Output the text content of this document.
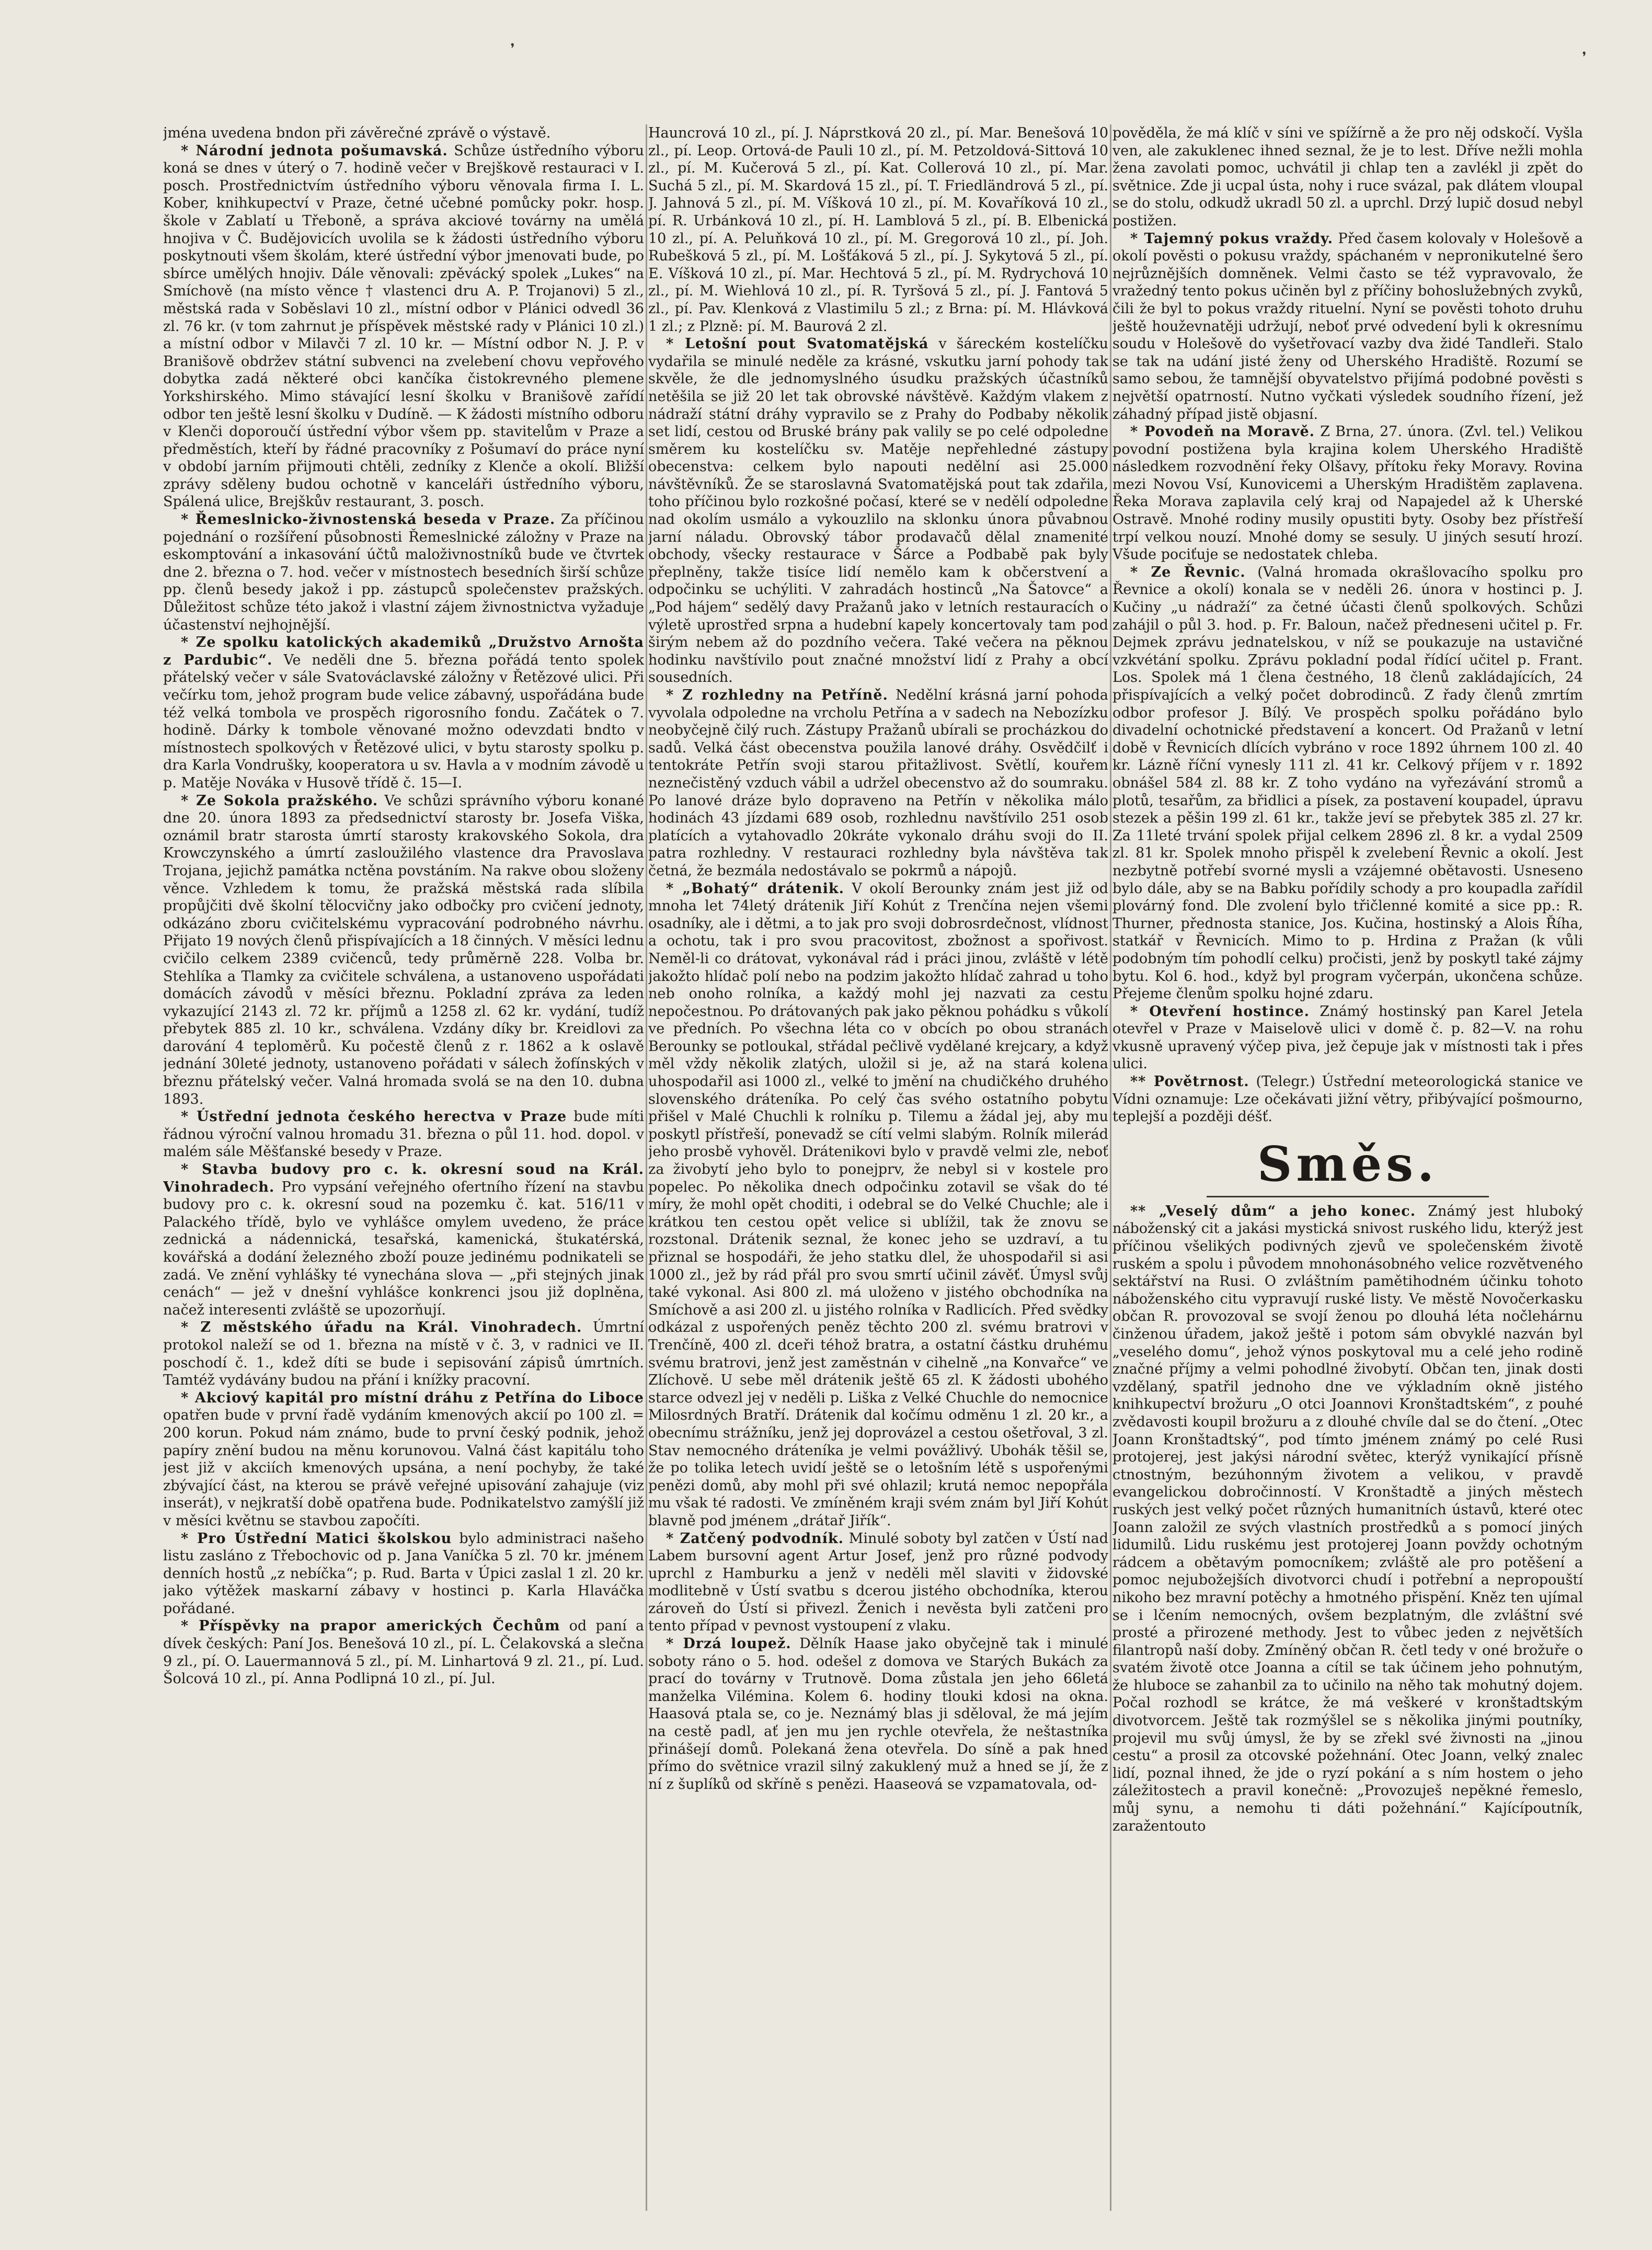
᾽	᾿

jména uvedena bndon při závěrečné zprávě o výstavě.

* Národní jednota pošumavská. Schůze ústředního výboru koná se dnes v úterý o 7. hodině večer v Brejškově restauraci v I. posch. Prostřednictvím ústředního výboru věnovala firma I. L. Kober, knihkupectví v Praze, četné učebné pomůcky pokr. hosp. škole v Zablatí u Třeboně, a správa akciové továrny na umělá hnojiva v Č. Budějovicích uvolila se k žádosti ústředního výboru poskytnouti všem školám, které ústřední výbor jmenovati bude, po sbírce umělých hnojiv. Dále věnovali: zpěvácký spolek „Lukes“ na Smíchově (na místo věnce † vlastenci dru A. P. Trojanovi) 5 zl., městská rada v Soběslavi 10 zl., místní odbor v Plánici odvedl 36 zl. 76 kr. (v tom zahrnut je příspěvek městské rady v Plánici 10 zl.) a místní odbor v Milavči 7 zl. 10 kr. — Místní odbor N. J. P. v Branišově obdržev státní subvenci na zvelebení chovu vepřového dobytka zadá některé obci kančíka čistokrevného plemene Yorkshirského. Mimo stávající lesní školku v Branišově zařídí odbor ten ještě lesní školku v Dudíně. — K žádosti místního odboru v Klenči doporoučí ústřední výbor všem pp. stavitelům v Praze a předměstích, kteří by řádné pracovníky z Pošumaví do práce nyní v období jarním přijmouti chtěli, zedníky z Klenče a okolí. Bližší zprávy sděleny budou ochotně v kanceláři ústředního výboru, Spálená ulice, Brejškův restaurant, 3. posch.

* Řemeslnicko-živnostenská beseda v Praze. Za příčinou pojednání o rozšíření působnosti Řemeslnické záložny v Praze na eskomptování a inkasování účtů malоživnostníků bude ve čtvrtek dne 2. března o 7. hod. večer v místnostech besedních širší schůze pp. členů besedy jakož i pp. zástupců společenstev pražských. Důležitost schůze této jakož i vlastní zájem živnostnictva vyžaduje účastenství nejhojnější.

* Ze spolku katolických akademiků „Družstvo Arnošta z Pardubic“. Ve neděli dne 5. března pořádá tento spolek přátelský večer v sále Svatováclavské záložny v Řetězové ulici. Při večírku tom, jehož program bude velice zábavný, uspořádána bude též velká tombola ve prospěch rigorosního fondu. Začátek o 7. hodině. Dárky k tombole věnované možno odevzdati bndto v místnostech spolkových v Řetězové ulici, v bytu starosty spolku p. dra Karla Vondrušky, kooperatora u sv. Havla a v modním závodě u p. Matěje Nováka v Husově třídě č. 15—I.

* Ze Sokola pražského. Ve schůzi správního výboru konané dne 20. února 1893 za předsednictví starosty br. Josefa Viška, oznámil bratr starosta úmrtí starosty krakovského Sokola, dra Krowczynského a úmrtí zasloužilého vlastence dra Pravoslava Trojana, jejichž památka nctěna povstáním. Na rakve obou složeny věnce. Vzhledem k tomu, že pražská městská rada slíbila propůjčiti dvě školní tělocvičny jako odbočky pro cvičení jednoty, odkázáno zboru cvičitelskému vypracování podrobného návrhu. Přijato 19 nových členů přispívajících a 18 činných. V měsíci lednu cvičilo celkem 2389 cvičenců, tedy průměrně 228. Volba br. Stehlíka a Tlamky za cvičitele schválena, a ustanoveno uspořádati domácích závodů v měsíci březnu. Pokladní zpráva za leden vykazující 2143 zl. 72 kr. příjmů a 1258 zl. 62 kr. vydání, tudíž přebytek 885 zl. 10 kr., schválena. Vzdány díky br. Kreidlovi za darování 4 teploměrů. Ku počestě členů z r. 1862 a k oslavě jednání 30leté jednoty, ustanoveno pořádati v sálech žofínských v březnu přátelský večer. Valná hromada svolá se na den 10. dubna 1893.

* Ústřední jednota českého herectva v Praze bude míti řádnou výroční valnou hromadu 31. března o půl 11. hod. dopol. v malém sále Měšťanské besedy v Praze.

* Stavba budovy pro c. k. okresní soud na Král. Vinohradech. Pro vypsání veřejného ofertního řízení na stavbu budovy pro c. k. okresní soud na pozemku č. kat. 516/11 v Palackého třídě, bylo ve vyhlášce omylem uvedeno, že práce zednická a nádennická, tesařská, kamenická, štukatérská, kovářská a dodání železného zboží pouze jedinému podnikateli se zadá. Ve znění vyhlášky té vynechána slova — „při stejných jinak cenách“ — jež v dnešní vyhlášce konkrenci jsou již doplněna, načež interesenti zvláště se upozorňují.

* Z městského úřadu na Král. Vinohradech. Úmrtní protokol naleží se od 1. března na místě v č. 3, v radnici ve II. poschodí č. 1., kdež díti se bude i sepisování zápisů úmrtních. Tamtéž vydávány budou na přání i knížky pracovní.

* Akciový kapitál pro místní dráhu z Petřína do Liboce opatřen bude v první řadě vydáním kmenových akcií po 100 zl. = 200 korun. Pokud nám známo, bude to první český podnik, jehož papíry znění budou na měnu korunovou. Valná část kapitálu toho jest již v akciích kmenových upsána, a není pochyby, že také zbývající část, na kterou se právě veřejné upisování zahajuje (viz inserát), v nejkratší době opatřena bude. Podnikatelstvo zamýšlí již v měsíci květnu se stavbou započíti.

* Pro Ústřední Matici školskou bylo administraci našeho listu zasláno z Třebochovic od p. Jana Vaníčka 5 zl. 70 kr. jménem denních hostů „z nebíčka“; p. Rud. Barta v Úpici zaslal 1 zl. 20 kr. jako výtěžek maskarní zábavy v hostinci p. Karla Hlaváčka pořádané.

* Příspěvky na prapor amerických Čechům od paní a dívek českých: Paní Jos. Benešová 10 zl., pí. L. Čelakovská a slečna 9 zl., pí. O. Lauermannová 5 zl., pí. M. Linhartová 9 zl. 21., pí. Lud. Šolcová 10 zl., pí. Anna Podlipná 10 zl., pí. Jul.

Hauncrová 10 zl., pí. J. Náprstková 20 zl., pí. Mar. Benešová 10 zl., pí. Leop. Ortová-de Pauli 10 zl., pí. M. Petzoldová-Sittová 10 zl., pí. M. Kučerová 5 zl., pí. Kat. Collerová 10 zl., pí. Mar. Suchá 5 zl., pí. M. Skardová 15 zl., pí. T. Friedländrová 5 zl., pí. J. Jahnová 5 zl., pí. M. Víšková 10 zl., pí. M. Kovaříková 10 zl., pí. R. Urbánková 10 zl., pí. H. Lamblová 5 zl., pí. B. Elbenická 10 zl., pí. A. Peluňková 10 zl., pí. M. Gregorová 10 zl., pí. Joh. Rubešková 5 zl., pí. M. Lošťáková 5 zl., pí. J. Sykytová 5 zl., pí. E. Víšková 10 zl., pí. Mar. Hechtová 5 zl., pí. M. Rydrychová 10 zl., pí. M. Wiehlová 10 zl., pí. R. Tyršová 5 zl., pí. J. Fantová 5 zl., pí. Pav. Klenková z Vlastimilu 5 zl.; z Brna: pí. M. Hlávková 1 zl.; z Plzně: pí. M. Baurová 2 zl.

* Letošní pout Svatomatějská v šáreckém kostelíčku vydařila se minulé neděle za krásné, vskutku jarní pohody tak skvěle, že dle jednomyslného úsudku pražských účastníků netěšila se již 20 let tak obrovské návštěvě. Každým vlakem z nádraží státní dráhy vypravilo se z Prahy do Podbaby několik set lidí, cestou od Bruské brány pak valily se po celé odpoledne směrem ku kostelíčku sv. Matěje nepřehledné zástupy obecenstva: celkem bylo napouti nedělní asi 25.000 návštěvníků. Že se staroslavná Svatomatějská pout tak zdařila, toho příčinou bylo rozkošné počasí, které se v nedělí odpoledne nad okolím usmálo a vykouzlilo na sklonku února půvabnou jarní náladu. Obrovský tábor prodavačů dělal znamenité obchody, všecky restaurace v Šárce a Podbabě pak byly přeplněny, takže tisíce lidí nemělo kam k občerstvení a odpočinku se uchýliti. V zahradách hostinců „Na Šatovce“ a „Pod hájem“ sedělý davy Pražanů jako v letních restauracích o výletě uprostřed srpna a hudební kapely koncertovaly tam pod širým nebem až do pozdního večera. Také večera na pěknou hodinku navštívilo pout značné množství lidí z Prahy a obcí sousedních.

* Z rozhledny na Petříně. Nedělní krásná jarní pohoda vyvolala odpoledne na vrcholu Petřína a v sadech na Nebozízku neobyčejně čilý ruch. Zástupy Pražanů ubírali se procházkou do sadů. Velká část obecenstva použila lanové dráhy. Osvědčilť i tentokráte Petřín svoji starou přitažlivost. Světlí, kouřem neznečistěný vzduch vábil a udržel obecenstvo až do soumraku. Po lanové dráze bylo dopraveno na Petřín v několika málo hodinách 43 jízdami 689 osob, rozhlednu navštívilo 251 osob platících a vytahovadlo 20kráte vykonalo dráhu svoji do II. patra rozhledny. V restauraci rozhledny byla návštěva tak četná, že bezmála nedostávalo se pokrmů a nápojů.

* „Bohatý“ drátenik. V okolí Berounky znám jest již od mnoha let 74letý drátenik Jiří Kohút z Trenčína nejen všemi osadníky, ale i dětmi, a to jak pro svoji dobrosrdečnost, vlídnost a ochotu, tak i pro svou pracovitost, zbožnost a spořivost. Neměl-li co drátovat, vykonával rád i práci jinou, zvláště v létě jakožto hlídač polí nebo na podzim jakožto hlídač zahrad u toho neb onoho rolníka, a každý mohl jej nazvati za cestu nepočestnou. Po drátovaných pak jako pěknou pohádku s vůkolí ve předních. Po všechna léta co v obcích po obou stranách Berounky se potloukal, střádal pečlivě vydělané krejcary, a když měl vždy několik zlatých, uložil si je, až na stará kolena uhospodařil asi 1000 zl., velké to jmění na chudičkého druhého slovenského dráteníka. Po celý čas svého ostatního pobytu přišel v Malé Chuchli k rolníku p. Tilemu a žádal jej, aby mu poskytl přístřeší, ponevadž se cítí velmi slabým. Rolník milerád jeho prosbě vyhověl. Drátenikovi bylo v pravdě velmi zle, neboť za živobytí jeho bylo to ponejprv, že nebyl si v kostele pro popelec. Po několika dnech odpočinku zotavil se však do té míry, že mohl opět choditi, i odebral se do Velké Chuchle; ale i krátkou ten cestou opět velice si ublížil, tak že znovu se rozstonal. Drátenik seznal, že konec jeho se uzdraví, a tu přiznal se hospodáři, že jeho statku dlel, že uhospodařil si asi 1000 zl., jež by rád přál pro svou smrtí učinil závěť. Úmysl svůj také vykonal. Asi 800 zl. má uloženo v jistého obchodníka na Smíchově a asi 200 zl. u jistého rolníka v Radlicích. Před svědky odkázal z uspořených peněz těchto 200 zl. svému bratrovi v Trenčíně, 400 zl. dceři téhož bratra, a ostatní částku druhému svému bratrovi, jenž jest zaměstnán v cihelně „na Konvařce“ ve Zlíchově. U sebe měl drátenik ještě 65 zl. K žádosti ubohého starce odvezl jej v neděli p. Liška z Velké Chuchle do nemocnice Milosrdných Bratří. Drátenik dal kočímu odměnu 1 zl. 20 kr., a obecnímu strážníku, jenž jej doprovázel a cestou ošetřoval, 3 zl. Stav nemocného dráteníka je velmi povážlivý. Ubohák těšil se, že po tolika letech uvidí ještě se o letošním létě s uspořenými penězi domů, aby mohl při své ohlazil; krutá nemoc nepopřála mu však té radosti. Ve zmíněném kraji svém znám byl Jiří Kohút blavně pod jménem „drátař Jiřík“.

* Zatčený podvodník. Minulé soboty byl zatčen v Ústí nad Labem bursovní agent Artur Josef, jenž pro různé podvody uprchl z Hamburku a jenž v neděli měl slaviti v židovské modlitebně v Ústí svatbu s dcerou jistého obchodníka, kterou zároveň do Ústí si přivezl. Ženich i nevěsta byli zatčeni pro tento případ v pevnost vystoupení z vlaku.

* Drzá loupež. Dělník Haase jako obyčejně tak i minulé soboty ráno o 5. hod. odešel z domova ve Starých Bukách za prací do továrny v Trutnově. Doma zůstala jen jeho 66letá manželka Vilémina. Kolem 6. hodiny tlouki kdosi na okna. Haasová ptala se, co je. Neznámý blas ji sděloval, že má jejím na cestě padl, ať jen mu jen rychle otevřela, že neštastníka přinášejí domů. Polekaná žena otevřela. Do síně a pak hned přímo do světnice vrazil silný zakuklený muž a hned se jí, že z ní z šuplíků od skříně s penězi. Haaseová se vzpamatovala, od-

pověděla, že má klíč v síni ve spížírně a že pro něj odskočí. Vyšla ven, ale zakuklenec ihned seznal, že je to lest. Dříve nežli mohla žena zavolati pomoc, uchvátil ji chlap ten a zavlékl ji zpět do světnice. Zde ji ucpal ústa, nohy i ruce svázal, pak dlátem vloupal se do stolu, odkudž ukradl 50 zl. a uprchl. Drzý lupič dosud nebyl postižen.

* Tajemný pokus vraždy. Před časem kolovaly v Holešově a okolí pověsti o pokusu vraždy, spáchaném v nepronikutelné šero nejrůznějších domněnek. Velmi často se též vypravovalo, že vražedný tento pokus učiněn byl z příčiny bohoslužebných zvyků, čili že byl to pokus vraždy rituelní. Nyní se pověsti tohoto druhu ještě houževnatěji udržují, neboť prvé odvedení byli k okresnímu soudu v Holešově do vyšetřovací vazby dva židé Tandleři. Stalo se tak na udání jisté ženy od Uherského Hradiště. Rozumí se samo sebou, že tamnější obyvatelstvo přijímá podobné pověsti s největší opatrností. Nutno vyčkati výsledek soudního řízení, jež záhadný případ jistě objasní.

* Povodeň na Moravě. Z Brna, 27. února. (Zvl. tel.) Velikou povodní postižena byla krajina kolem Uherského Hradiště následkem rozvodnění řeky Olšavy, přítoku řeky Moravy. Rovina mezi Novou Vsí, Kunovicemi a Uherským Hradištěm zaplavena. Řeka Morava zaplavila celý kraj od Napajedel až k Uherské Ostravě. Mnohé rodiny musily opustiti byty. Osoby bez přístřeší trpí velkou nouzí. Mnohé domy se sesuly. U jiných sesutí hrozí. Všude pociťuje se nedostatek chleba.

* Ze Řevnic. (Valná hromada okrašlovacího spolku pro Řevnice a okolí) konala se v neděli 26. února v hostinci p. J. Kučiny „u nádraží“ za četné účasti členů spolkových. Schůzi zahájil o půl 3. hod. p. Fr. Baloun, načež předneseni učitel p. Fr. Dejmek zprávu jednatelskou, v níž se poukazuje na ustavičné vzkvétání spolku. Zprávu pokladní podal řídící učitel p. Frant. Los. Spolek má 1 člena čestného, 18 členů zakládajících, 24 přispívajících a velký počet dobrodinců. Z řady členů zmrtím odbor profesor J. Bílý. Ve prospěch spolku pořádáno bylo divadelní ochotnické představení a koncert. Od Pražanů v letní době v Řevnicích dlících vybráno v roce 1892 úhrnem 100 zl. 40 kr. Lázně říční vynesly 111 zl. 41 kr. Celkový příjem v r. 1892 obnášel 584 zl. 88 kr. Z toho vydáno na vyřezávání stromů a plotů, tesařům, za břidlici a písek, za postavení koupadel, úpravu stezek a pěšin 199 zl. 61 kr., takže jeví se přebytek 385 zl. 27 kr. Za 11leté trvání spolek přijal celkem 2896 zl. 8 kr. a vydal 2509 zl. 81 kr. Spolek mnoho přispěl k zvelebení Řevnic a okolí. Jest nezbytně potřebí svorné mysli a vzájemné obětavosti. Usneseno bylo dále, aby se na Babku pořídily schody a pro koupadla zařídil plovárný fond. Dle zvolení bylo třičlenné komité a sice pp.: R. Thurner, přednosta stanice, Jos. Kučina, hostinský a Alois Říha, statkář v Řevnicích. Mimo to p. Hrdina z Pražan (k vůli podobným tím pohodlí celku) pročisti, jenž by poskytl také zájmy bytu. Kol 6. hod., když byl program vyčerpán, ukončena schůze. Přejeme členům spolku hojné zdaru.

* Otevření hostince. Známý hostinský pan Karel Jetela otevřel v Praze v Maiselově ulici v domě č. p. 82—V. na rohu vkusně upravený výčep piva, jež čepuje jak v místnosti tak i přes ulici.

** Povětrnost. (Telegr.) Ústřední meteorologická stanice ve Vídni oznamuje: Lze očekávati jižní větry, přibývající pošmourno, teplejší a později déšť.

Směs.

** „Veselý dům“ a jeho konec. Známý jest hluboký náboženský cit a jakási mystická snivost ruského lidu, kterýž jest příčinou všelikých podivných zjevů ve společenském životě ruském a spolu i původem mnohonásobného velice rozvětveného sektářství na Rusi. O zvláštním pamětihodném účinku tohoto náboženského citu vypravují ruské listy. Ve městě Novočerkasku občan R. provozoval se svojí ženou po dlouhá léta nočlehárnu činženou úřadem, jakož ještě i potom sám obvyklé nazván byl „veselého domu“, jehož výnos poskytoval mu a celé jeho rodině značné příjmy a velmi pohodlné živobytí. Občan ten, jinak dosti vzdělaný, spatřil jednoho dne ve výkladním okně jistého knihkupectví brožuru „O otci Joannovi Kronštadtském“, z pouhé zvědavosti koupil brožuru a z dlouhé chvíle dal se do čtení. „Otec Joann Kronštadtský“, pod tímto jménem známý po celé Rusi protojerej, jest jakýsi národní světec, kterýž vynikající přísně ctnostným, bezúhonným životem a velikou, v pravdě evangelickou dobročinností. V Kronštadtě a jiných městech ruských jest velký počet různých humanitních ústavů, které otec Joann založil ze svých vlastních prostředků a s pomocí jiných lidumilů. Lidu ruskému jest protojerej Joann povždy ochotným rádcem a obětavým pomocníkem; zvláště ale pro potěšení a pomoc nejubožejších divotvorci chudí i potřební a nepropouští nikoho bez mravní potěchy a hmotného přispění. Kněz ten ujímal se i lčením nemocných, ovšem bezplatným, dle zvláštní své prosté a přirozené methody. Jest to vůbec jeden z největších filantropů naší doby. Zmíněný občan R. četl tedy v oné brožuře o svatém životě otce Joanna a cítil se tak účinem jeho pohnutým, že hluboce se zahanbil za to učinilo na něho tak mohutný dojem. Počal rozhodl se krátce, že má veškeré v kronštadtským divotvorcem. Ještě tak rozmýšlel se s několika jinými poutníky, projevil mu svůj úmysl, že by se zřekl své živnosti na „jinou cestu“ a prosil za otcovské požehnání. Otec Joann, velký znalec lidí, poznal ihned, že jde o ryzí pokání a s ním hostem o jeho záležitostech a pravil konečně: „Provozuješ nepěkné řemeslo, můj synu, a nemohu ti dáti požehnání.“ Kajícípoutník, zaražentouto
